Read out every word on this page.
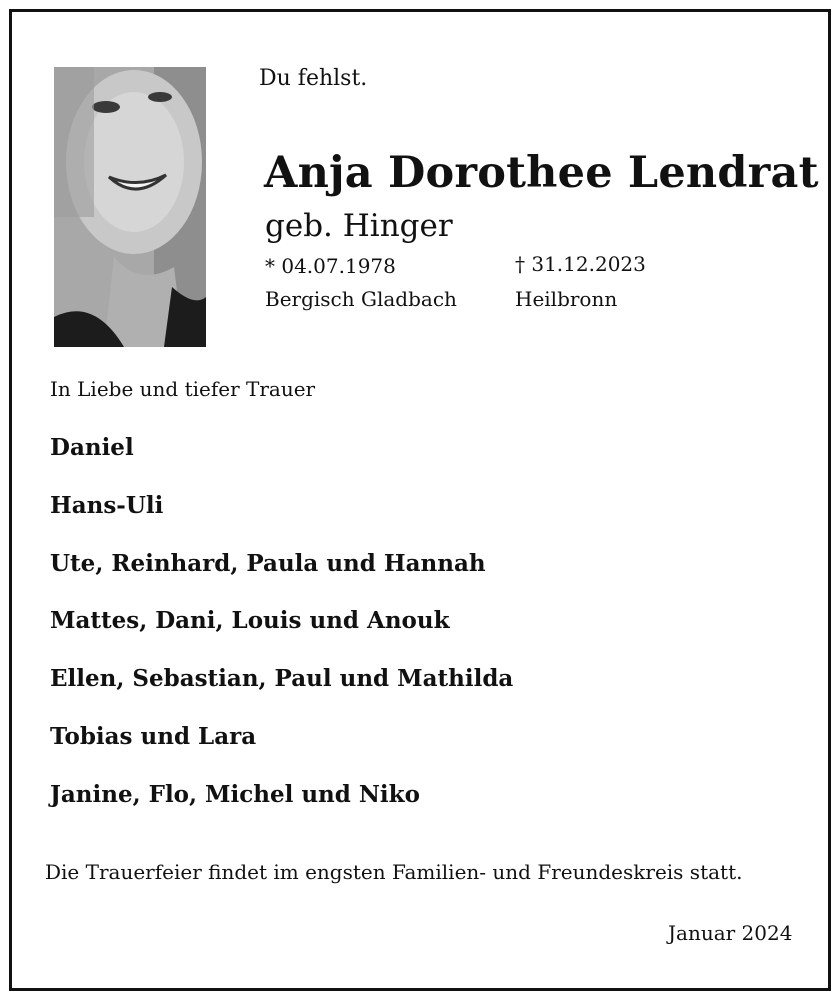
Du fehlst.

Anja Dorothee Lendrat

geb. Hinger

* 04.07.1978

Bergisch Gladbach

† 31.12.2023

Heilbronn

In Liebe und tiefer Trauer

Daniel

Hans-Uli

Ute, Reinhard, Paula und Hannah

Mattes, Dani, Louis und Anouk

Ellen, Sebastian, Paul und Mathilda

Tobias und Lara

Janine, Flo, Michel und Niko

Die Trauerfeier findet im engsten Familien- und Freundeskreis statt.

Januar 2024
